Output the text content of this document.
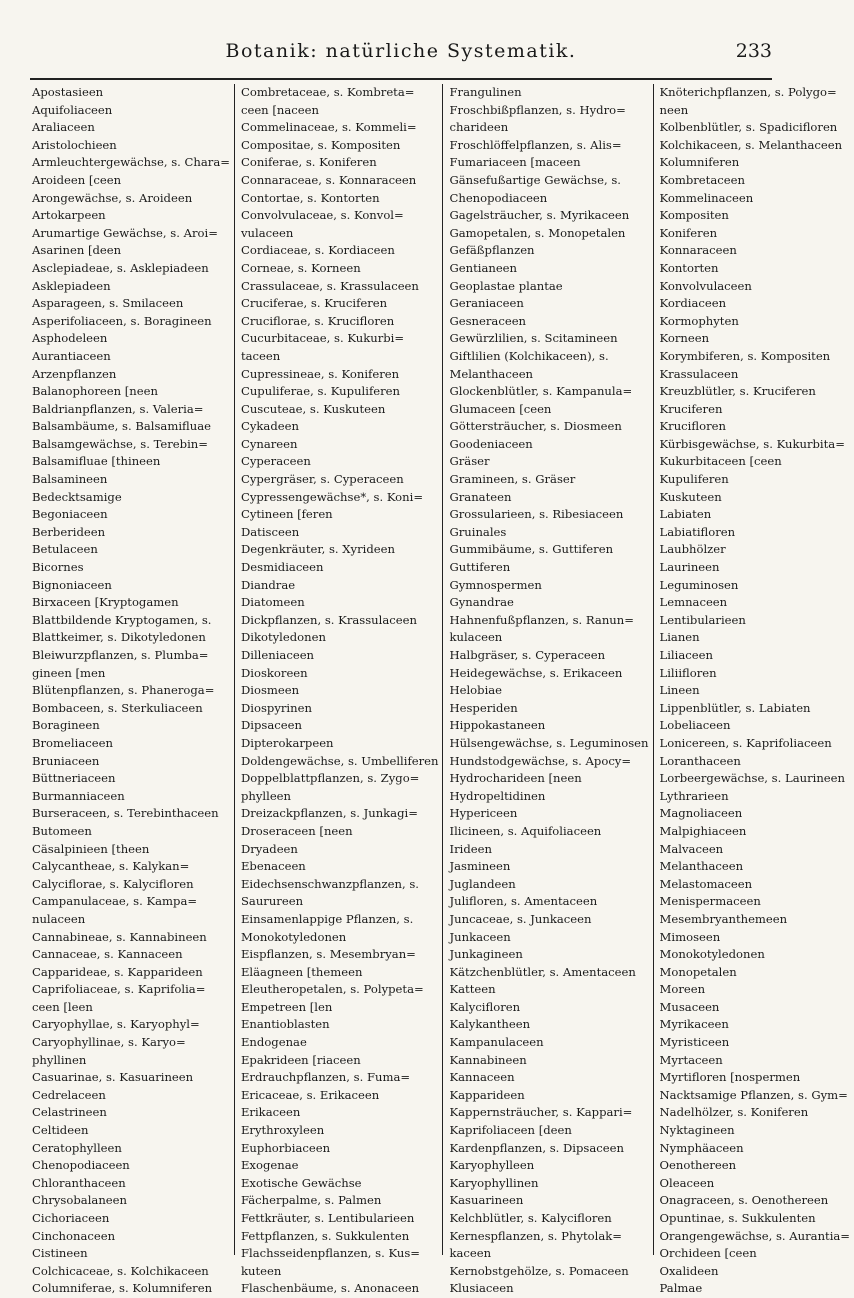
Botanik: natürliche Systematik.	233
Apostasieen
Aquifoliaceen
Araliaceen
Aristolochieen
Armleuchtergewächse, s. Chara=
Aroideen [ceen
Arongewächse, s. Aroideen
Artokarpeen
Arumartige Gewächse, s. Aroi=
Asarinen [deen
Asclepiadeae, s. Asklepiadeen
Asklepiadeen
Asparageen, s. Smilaceen
Asperifoliaceen, s. Boragineen
Asphodeleen
Aurantiaceen
Arzenpflanzen
Balanophoreen [neen
Baldrianpflanzen, s. Valeria=
Balsambäume, s. Balsamifluae
Balsamgewächse, s. Terebin=
Balsamifluae [thineen
Balsamineen
Bedecktsamige
Begoniaceen
Berberideen
Betulaceen
Bicornes
Bignoniaceen
Birxaceen [Kryptogamen
Blattbildende Kryptogamen, s.
Blattkeimer, s. Dikotyledonen
Bleiwurzpflanzen, s. Plumba=
gineen [men
Blütenpflanzen, s. Phaneroga=
Bombaceen, s. Sterkuliaceen
Boragineen
Bromeliaceen
Bruniaceen
Büttneriaceen
Burmanniaceen
Burseraceen, s. Terebinthaceen
Butomeen
Cäsalpinieen [theen
Calycantheae, s. Kalykan=
Calyciflorae, s. Kalycifloren
Campanulaceae, s. Kampa=
nulaceen
Cannabineae, s. Kannabineen
Cannaceae, s. Kannaceen
Capparideae, s. Kapparideen
Caprifoliaceae, s. Kaprifolia=
ceen [leen
Caryophyllae, s. Karyophyl=
Caryophyllinae, s. Karyo=
phyllinen
Casuarinae, s. Kasuarineen
Cedrelaceen
Celastrineen
Celtideen
Ceratophylleen
Chenopodiaceen
Chloranthaceen
Chrysobalaneen
Cichoriaceen
Cinchonaceen
Cistineen
Colchicaceae, s. Kolchikaceen
Columniferae, s. Kolumniferen
Combretaceae, s. Kombreta=
ceen [naceen
Commelinaceae, s. Kommeli=
Compositae, s. Kompositen
Coniferae, s. Koniferen
Connaraceae, s. Konnaraceen
Contortae, s. Kontorten
Convolvulaceae, s. Konvol=
vulaceen
Cordiaceae, s. Kordiaceen
Corneae, s. Korneen
Crassulaceae, s. Krassulaceen
Cruciferae, s. Kruciferen
Cruciflorae, s. Krucifloren
Cucurbitaceae, s. Kukurbi=
taceen
Cupressineae, s. Koniferen
Cupuliferae, s. Kupuliferen
Cuscuteae, s. Kuskuteen
Cykadeen
Cynareen
Cyperaceen
Cypergräser, s. Cyperaceen
Cypressengewächse*, s. Koni=
Cytineen [feren
Datisceen
Degenkräuter, s. Xyrideen
Desmidiaceen
Diandrae
Diatomeen
Dickpflanzen, s. Krassulaceen
Dikotyledonen
Dilleniaceen
Dioskoreen
Diosmeen
Diospyrinen
Dipsaceen
Dipterokarpeen
Doldengewächse, s. Umbelliferen
Doppelblattpflanzen, s. Zygo=
phylleen
Dreizackpflanzen, s. Junkagi=
Droseraceen [neen
Dryadeen
Ebenaceen
Eidechsenschwanzpflanzen, s.
Saurureen
Einsamenlappige Pflanzen, s.
Monokotyledonen
Eispflanzen, s. Mesembryan=
Eläagneen [themeen
Eleutheropetalen, s. Polypeta=
Empetreen [len
Enantioblasten
Endogenae
Epakrideen [riaceen
Erdrauchpflanzen, s. Fuma=
Ericaceae, s. Erikaceen
Erikaceen
Erythroxyleen
Euphorbiaceen
Exogenae
Exotische Gewächse
Fächerpalme, s. Palmen
Fettkräuter, s. Lentibularieen
Fettpflanzen, s. Sukkulenten
Flachsseidenpflanzen, s. Kus=
kuteen
Flaschenbäume, s. Anonaceen
Frangulinen
Froschbißpflanzen, s. Hydro=
charideen
Froschlöffelpflanzen, s. Alis=
Fumariaceen [maceen
Gänsefußartige Gewächse, s.
Chenopodiaceen
Gagelsträucher, s. Myrikaceen
Gamopetalen, s. Monopetalen
Gefäßpflanzen
Gentianeen
Geoplastae plantae
Geraniaceen
Gesneraceen
Gewürzlilien, s. Scitamineen
Giftlilien (Kolchikaceen), s.
Melanthaceen
Glockenblütler, s. Kampanula=
Glumaceen [ceen
Göttersträucher, s. Diosmeen
Goodeniaceen
Gräser
Gramineen, s. Gräser
Granateen
Grossularieen, s. Ribesiaceen
Gruinales
Gummibäume, s. Guttiferen
Guttiferen
Gymnospermen
Gynandrae
Hahnenfußpflanzen, s. Ranun=
kulaceen
Halbgräser, s. Cyperaceen
Heidegewächse, s. Erikaceen
Helobiae
Hesperiden
Hippokastaneen
Hülsengewächse, s. Leguminosen
Hundstodgewächse, s. Apocy=
Hydrocharideen [neen
Hydropeltidinen
Hypericeen
Ilicineen, s. Aquifoliaceen
Irideen
Jasmineen
Juglandeen
Julifloren, s. Amentaceen
Juncaceae, s. Junkaceen
Junkaceen
Junkagineen
Kätzchenblütler, s. Amentaceen
Katteen
Kalycifloren
Kalykantheen
Kampanulaceen
Kannabineen
Kannaceen
Kapparideen
Kappernsträucher, s. Kappari=
Kaprifoliaceen [deen
Kardenpflanzen, s. Dipsaceen
Karyophylleen
Karyophyllinen
Kasuarineen
Kelchblütler, s. Kalycifloren
Kernespflanzen, s. Phytolak=
kaceen
Kernobstgehölze, s. Pomaceen
Klusiaceen
Knöterichpflanzen, s. Polygo=
neen
Kolbenblütler, s. Spadicifloren
Kolchikaceen, s. Melanthaceen
Kolumniferen
Kombretaceen
Kommelinaceen
Kompositen
Koniferen
Konnaraceen
Kontorten
Konvolvulaceen
Kordiaceen
Kormophyten
Korneen
Korymbiferen, s. Kompositen
Krassulaceen
Kreuzblütler, s. Kruciferen
Kruciferen
Krucifloren
Kürbisgewächse, s. Kukurbita=
Kukurbitaceen [ceen
Kupuliferen
Kuskuteen
Labiaten
Labiatifloren
Laubhölzer
Laurineen
Leguminosen
Lemnaceen
Lentibularieen
Lianen
Liliaceen
Liliifloren
Lineen
Lippenblütler, s. Labiaten
Lobeliaceen
Lonicereen, s. Kaprifoliaceen
Loranthaceen
Lorbeergewächse, s. Laurineen
Lythrarieen
Magnoliaceen
Malpighiaceen
Malvaceen
Melanthaceen
Melastomaceen
Menispermaceen
Mesembryanthemeen
Mimoseen
Monokotyledonen
Monopetalen
Moreen
Musaceen
Myrikaceen
Myristiceen
Myrtaceen
Myrtifloren [nospermen
Nacktsamige Pflanzen, s. Gym=
Nadelhölzer, s. Koniferen
Nyktagineen
Nymphäaceen
Oenothereen
Oleaceen
Onagraceen, s. Oenothereen
Opuntinae, s. Sukkulenten
Orangengewächse, s. Aurantia=
Orchideen [ceen
Oxalideen
Palmae
